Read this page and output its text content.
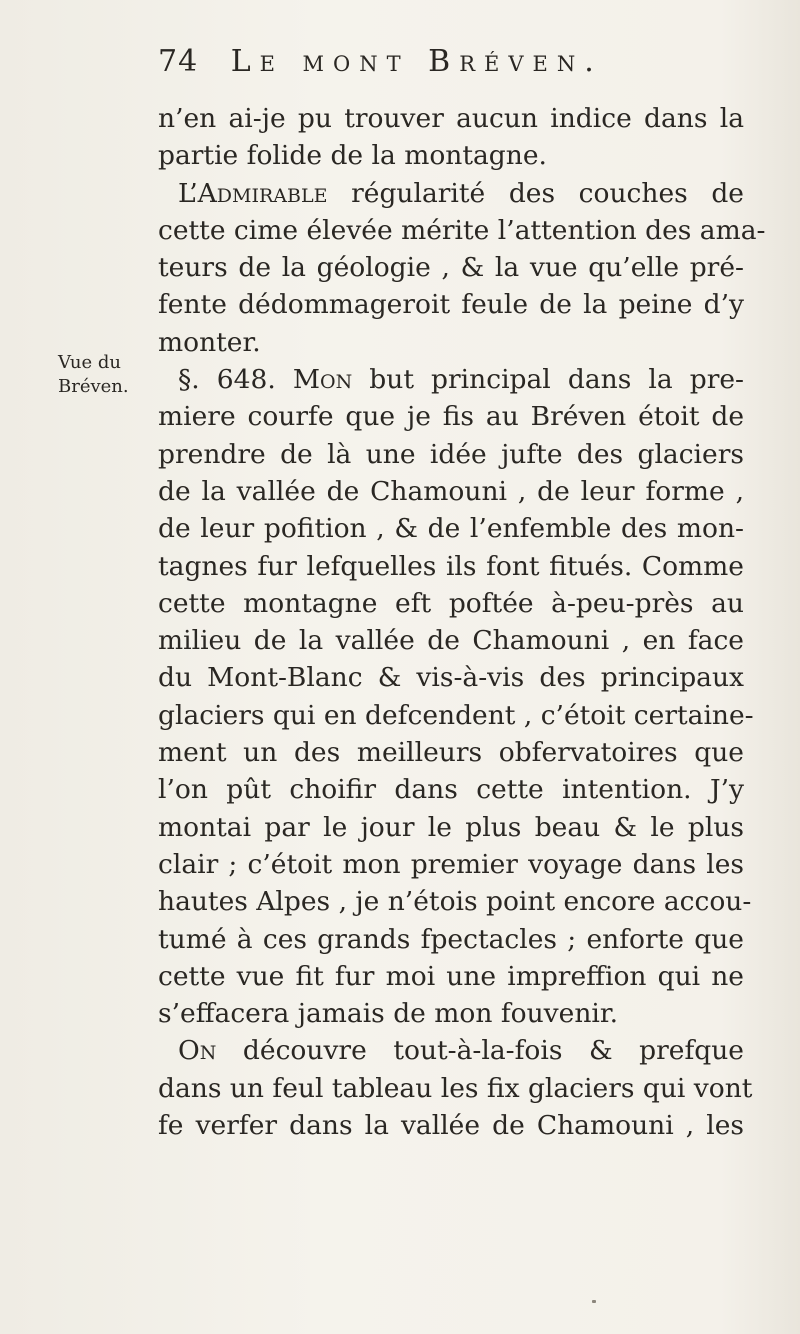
74 Le mont Bréven.
Vue du
Bréven.
n’en ai-je pu trouver aucun indice dans la
partie folide de la montagne.
L’Admirable régularité des couches de
cette cime élevée mérite l’attention des ama-
teurs de la géologie , & la vue qu’elle pré-
fente dédommageroit feule de la peine d’y
monter.
§. 648. Mon but principal dans la pre-
miere courfe que je fis au Bréven étoit de
prendre de là une idée jufte des glaciers
de la vallée de Chamouni , de leur forme ,
de leur pofition , & de l’enfemble des mon-
tagnes fur lefquelles ils font fitués. Comme
cette montagne eft poftée à-peu-près au
milieu de la vallée de Chamouni , en face
du Mont-Blanc & vis-à-vis des principaux
glaciers qui en defcendent , c’étoit certaine-
ment un des meilleurs obfervatoires que
l’on pût choifir dans cette intention. J’y
montai par le jour le plus beau & le plus
clair ; c’étoit mon premier voyage dans les
hautes Alpes , je n’étois point encore accou-
tumé à ces grands fpectacles ; enforte que
cette vue fit fur moi une impreffion qui ne
s’effacera jamais de mon fouvenir.
On découvre tout-à-la-fois & prefque
dans un feul tableau les fix glaciers qui vont
fe verfer dans la vallée de Chamouni , les
